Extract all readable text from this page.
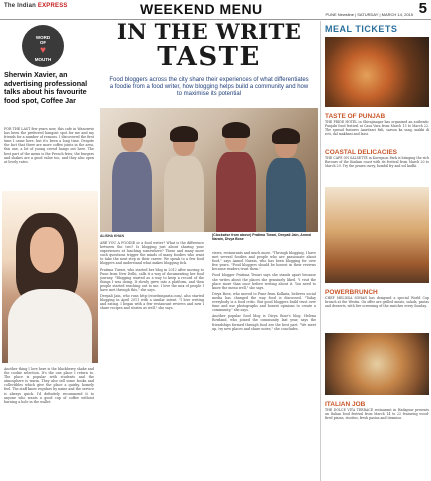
The Indian EXPRESS	WEEKEND MENU	PUNE Newsline | SATURDAY | MARCH 14, 2015 5
WORD
OF
♥
MOUTH
Sherwin Xavier, an advertising professional talks about his favourite food spot, Coffee Jar
FOR THE LAST few years now, this cafe in Wanowrie has been the preferred hangout spot for me and my friends for a number of reasons. I discovered the first time I came here, but it's been a long time. Despite the fact that there are more coffee joints in the area, this one, a lot of young crowd hangs out here. The best part of the menu is the French fries; the burgers and shakes are a good value too, and they also open at lovely rates.
Another thing I love here is the blackberry shake and the cookie selection. It's the one place I return to. The place is popular with students and the atmosphere is warm. They also sell some books and collectibles which give the place a quirky, homely feel. The staff know regulars by name and the service is always quick. I'd definitely recommend it to anyone who wants a good cup of coffee without burning a hole in the wallet.
IN THE WRITE
TASTE
Food bloggers across the city share their experiences of what differentiates a foodie from a food writer, how blogging helps build a community and how to maximise its potential
ALISHA KHAN	(Clockwise from above) Pratima Tiwari, Deepali Jain, Anmol Narain, Divya Bose

ARE YOU A FOODIE or a food writer? What is the difference between the two? Is blogging just about sharing your experiences at lunching somewhere? These and many more such questions trigger the minds of many foodies who want to take the next step in their career. We speak to a few food bloggers and understand what makes blogging tick.

Pratima Tiwari, who started her blog in 2012 after moving to Pune from New Delhi, calls it a way of documenting her food journey. "Blogging started as a way to keep a record of the things I was doing. It slowly grew into a platform, and then people started reaching out to me. I love the mix of people I have met through this," she says.

Deepali Jain, who runs http://wordsinpasta.com/, also started blogging in April 2011 with a similar intent. "I love writing and eating. I began with a few restaurant reviews and now I share recipes and stories as well," she says.

views, restaurants and much more. "Through blogging, I have met several foodies and people who are passionate about food," says Anmol Narain, who has been blogging for over five years. "Food bloggers should be honest in their reviews because readers trust them."

Food blogger Pratima Tiwari says she stands apart because she writes about the places she genuinely liked. "I visit the place more than once before writing about it. You need to know the menu well," she says.

Divya Bose, who moved to Pune from Kolkata, believes social media has changed the way food is discussed. "Today everybody is a food critic. But good bloggers build trust over time and use photographs and honest opinions to create a community," she says.

Another popular food blog is Divya Bose's blog. Helena Rowland, who joined the community last year, says the friendships formed through food are the best part. "We meet up, try new places and share notes," she concludes.

MEAL TICKETS
TASTE OF PUNJAB
THE PRIDE HOTEL in Shivajinagar has organised an authentic Punjabi food festival at Casa Vara from March 13 to March 22. The spread features Amritsari fish, sarson ka saag, makki di roti, dal makhani and lassi.
COASTAL DELICACIES
THE CAFE ON SALSETTE in Koregaon Park is bringing the rich flavours of the Konkan coast with its festival from March 20 to March 29. Try the prawn curry, bombil fry and sol kadhi.
POWERBRUNCH
CHEF MELISSA SOHAN has designed a special World Cup brunch at the Westin. On offer are grilled meats, salads, pastas and desserts, with live screening of the matches every Sunday.
ITALIAN JOB
THE DOLCE VITA TERRACE restaurant in Hadapsar presents an Italian food festival from March 14 to 22 featuring wood-fired pizzas, risottos, fresh pastas and tiramisu.
